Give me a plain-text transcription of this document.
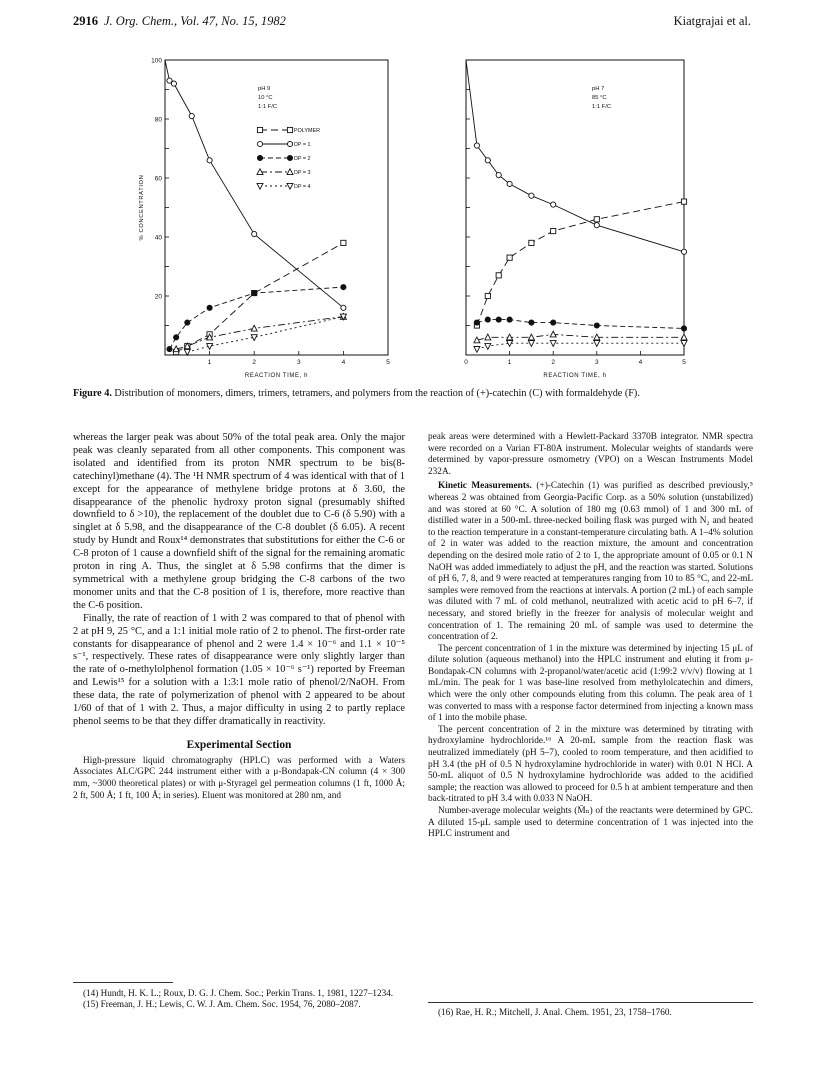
2916 J. Org. Chem., Vol. 47, No. 15, 1982	Kiatgrajai et al.
1	2	3	4	5
20
40
60
80
100
REACTION TIME, h
% CONCENTRATION
pH 9
10 °C
1:1 F/C
POLYMER
DP = 1
DP = 2
DP = 3
DP = 4
0	1	2	3	4	5
REACTION TIME, h
pH 7
85 °C
1:1 F/C
Figure 4. Distribution of monomers, dimers, trimers, tetramers, and polymers from the reaction of (+)-catechin (C) with formaldehyde (F).

whereas the larger peak was about 50% of the total peak area. Only the major peak was cleanly separated from all other components. This component was isolated and identified from its proton NMR spectrum to be bis(8-catechinyl)methane (4). The ¹H NMR spectrum of 4 was identical with that of 1 except for the appearance of methylene bridge protons at δ 3.60, the disappearance of the phenolic hydroxy proton signal (presumably shifted downfield to δ >10), the replacement of the doublet due to C-6 (δ 5.90) with a singlet at δ 5.98, and the disappearance of the C-8 doublet (δ 6.05). A recent study by Hundt and Roux¹⁴ demonstrates that substitutions for either the C-6 or C-8 proton of 1 cause a downfield shift of the signal for the remaining aromatic proton in ring A. Thus, the singlet at δ 5.98 confirms that the dimer is symmetrical with a methylene group bridging the C-8 carbons of the two monomer units and that the C-8 position of 1 is, therefore, more reactive than the C-6 position.

Finally, the rate of reaction of 1 with 2 was compared to that of phenol with 2 at pH 9, 25 °C, and a 1:1 initial mole ratio of 2 to phenol. The first-order rate constants for disappearance of phenol and 2 were 1.4 × 10⁻⁶ and 1.1 × 10⁻⁵ s⁻¹, respectively. These rates of disappearance were only slightly larger than the rate of o-methylolphenol formation (1.05 × 10⁻⁶ s⁻¹) reported by Freeman and Lewis¹⁵ for a solution with a 1:3:1 mole ratio of phenol/2/NaOH. From these data, the rate of polymerization of phenol with 2 appeared to be about 1/60 of that of 1 with 2. Thus, a major difficulty in using 2 to partly replace phenol seems to be that they differ dramatically in reactivity.

Experimental Section

High-pressure liquid chromatography (HPLC) was performed with a Waters Associates ALC/GPC 244 instrument either with a μ-Bondapak-CN column (4 × 300 mm, ~3000 theoretical plates) or with μ-Styragel gel permeation columns (1 ft, 1000 Å; 2 ft, 500 Å; 1 ft, 100 Å; in series). Eluent was monitored at 280 nm, and

(14) Hundt, H. K. L.; Roux, D. G. J. Chem. Soc.; Perkin Trans. 1, 1981, 1227–1234.

(15) Freeman, J. H.; Lewis, C. W. J. Am. Chem. Soc. 1954, 76, 2080–2087.

peak areas were determined with a Hewlett-Packard 3370B integrator. NMR spectra were recorded on a Varian FT-80A instrument. Molecular weights of standards were determined by vapor-pressure osmometry (VPO) on a Wescan Instruments Model 232A.

Kinetic Measurements. (+)-Catechin (1) was purified as described previously,⁵ whereas 2 was obtained from Georgia-Pacific Corp. as a 50% solution (unstabilized) and was stored at 60 °C. A solution of 180 mg (0.63 mmol) of 1 and 300 mL of distilled water in a 500-mL three-necked boiling flask was purged with N₂ and heated to the reaction temperature in a constant-temperature circulating bath. A 1–4% solution of 2 in water was added to the reaction mixture, the amount and concentration depending on the desired mole ratio of 2 to 1, the appropriate amount of 0.05 or 0.1 N NaOH was added immediately to adjust the pH, and the reaction was started. Solutions of pH 6, 7, 8, and 9 were reacted at temperatures ranging from 10 to 85 °C, and 22-mL samples were removed from the reactions at intervals. A portion (2 mL) of each sample was diluted with 7 mL of cold methanol, neutralized with acetic acid to pH 6–7, if necessary, and stored briefly in the freezer for analysis of molecular weight and concentration of 1. The remaining 20 mL of sample was used to determine the concentration of 2.

The percent concentration of 1 in the mixture was determined by injecting 15 μL of dilute solution (aqueous methanol) into the HPLC instrument and eluting it from μ-Bondapak-CN columns with 2-propanol/water/acetic acid (1:99:2 v/v/v) flowing at 1 mL/min. The peak for 1 was base-line resolved from methylolcatechin and dimers, which were the only other compounds eluting from this column. The peak area of 1 was converted to mass with a response factor determined from injecting a known mass of 1 into the mobile phase.

The percent concentration of 2 in the mixture was determined by titrating with hydroxylamine hydrochloride.¹⁶ A 20-mL sample from the reaction flask was neutralized immediately (pH 5–7), cooled to room temperature, and then acidified to pH 3.4 (the pH of 0.5 N hydroxylamine hydrochloride in water) with 0.01 N HCl. A 50-mL aliquot of 0.5 N hydroxylamine hydrochloride was added to the acidified sample; the reaction was allowed to proceed for 0.5 h at ambient temperature and then back-titrated to pH 3.4 with 0.033 N NaOH.

Number-average molecular weights (M̄ₙ) of the reactants were determined by GPC. A diluted 15-μL sample used to determine concentration of 1 was injected into the HPLC instrument and

(16) Rae, H. R.; Mitchell, J. Anal. Chem. 1951, 23, 1758–1760.
